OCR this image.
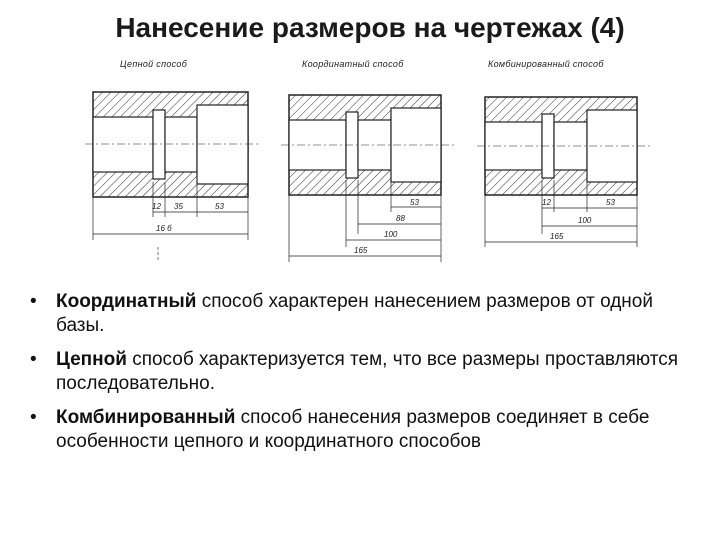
Нанесение размеров на чертежах (4)
Цепной способ
12 35	53
16 б
Координатный способ
53
88
100
165
Комбинированный способ
12	53
100
165
• Координатный способ характерен нанесением размеров от одной базы.
• Цепной способ характеризуется тем, что все размеры проставляются последовательно.
• Комбинированный способ нанесения размеров соединяет в себе особенности цепного и координатного способов
